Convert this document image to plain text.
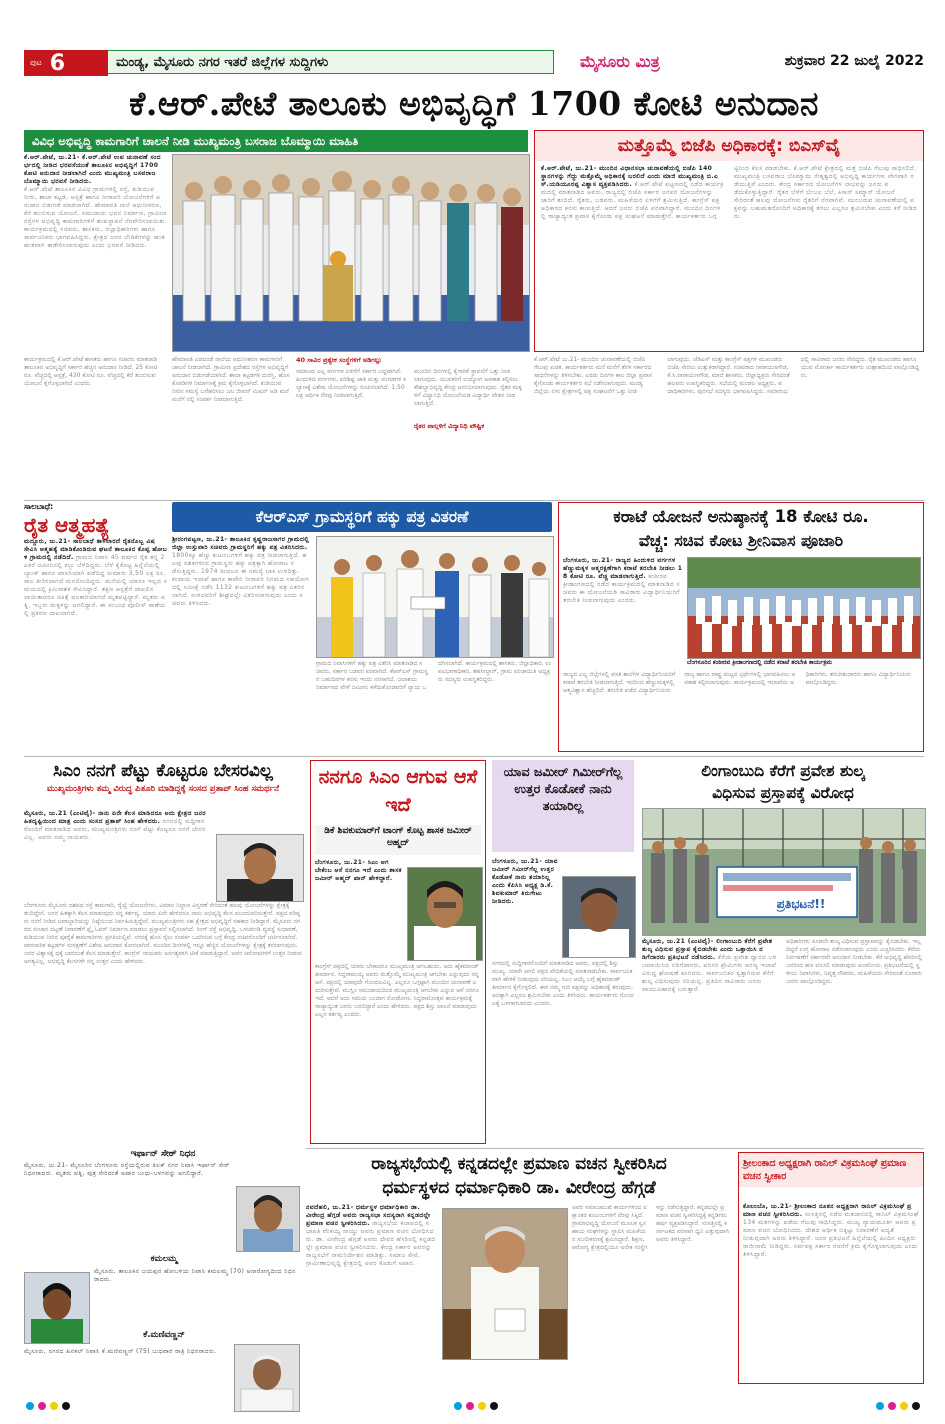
ಪುಟ 6	ಮಂಡ್ಯ, ಮೈಸೂರು ನಗರ ಇತರೆ ಜಿಲ್ಲೆಗಳ ಸುದ್ದಿಗಳು	ಮೈಸೂರು ಮಿತ್ರ	ಶುಕ್ರವಾರ 22 ಜುಲೈ 2022
ಕೆ.ಆರ್.ಪೇಟೆ ತಾಲೂಕು ಅಭಿವೃದ್ಧಿಗೆ 1700 ಕೋಟಿ ಅನುದಾನ
ವಿವಿಧ ಅಭಿವೃದ್ಧಿ ಕಾಮಗಾರಿಗೆ ಚಾಲನೆ ನೀಡಿ ಮುಖ್ಯಮಂತ್ರಿ ಬಸರಾಜ ಬೊಮ್ಮಾಯಿ ಮಾಹಿತಿ
ಕೆ.ಆರ್.ಪೇಟೆ, ಜು.21- ಕೆ.ಆರ್.ಪೇಟೆ ಉಪ ಚುನಾವಣೆ ಸಂದರ್ಭದಲ್ಲಿ ನೀಡಿದ ಭರವಸೆಯಂತೆ ತಾಲೂಕಿನ ಅಭಿವೃದ್ಧಿಗೆ 1700 ಕೋಟಿ ಅನುದಾನ ನೀಡಲಾಗಿದೆ ಎಂದು ಮುಖ್ಯಮಂತ್ರಿ ಬಸವರಾಜ ಬೊಮ್ಮಾಯಿ ಭರವಸೆ ನೀಡಿದರು.
ಕೆ.ಆರ್.ಪೇಟೆ ತಾಲೂಕಿನ ವಿವಿಧ ಗ್ರಾಮಗಳಲ್ಲಿ ರಸ್ತೆ, ಕುಡಿಯುವ ನೀರು, ಶಾಲಾ ಕಟ್ಟಡ, ಆಸ್ಪತ್ರೆ ಹಾಗೂ ನೀರಾವರಿ ಯೋಜನೆಗಳಿಗೆ ಅನುದಾನ ಬಿಡುಗಡೆ ಮಾಡಲಾಗಿದೆ. ಹೇಮಾವತಿ ನಾಲೆ ಆಧುನೀಕರಣ, ಕೆರೆ ತುಂಬಿಸುವ ಯೋಜನೆ, ಸಮುದಾಯ ಭವನ ನಿರ್ಮಾಣ, ಗ್ರಾಮೀಣ ರಸ್ತೆಗಳ ಅಭಿವೃದ್ಧಿ ಕಾಮಗಾರಿಗಳಿಗೆ ಶಂಕುಸ್ಥಾಪನೆ ನೆರವೇರಿಸಲಾಯಿತು. ಕಾರ್ಯಕ್ರಮದಲ್ಲಿ ಸಚಿವರು, ಶಾಸಕರು, ಜಿಲ್ಲಾಧಿಕಾರಿಗಳು ಹಾಗೂ ಸಾರ್ವಜನಿಕರು ಭಾಗವಹಿಸಿದ್ದರು. ಕ್ಷೇತ್ರದ ಜನರ ಬೇಡಿಕೆಗಳನ್ನು ಹಂತ ಹಂತವಾಗಿ ಈಡೇರಿಸಲಾಗುವುದು ಎಂದು ಭರವಸೆ ನೀಡಿದರು.
ಮತ್ತೊಮ್ಮೆ ಬಿಜೆಪಿ ಅಧಿಕಾರಕ್ಕೆ: ಬಿಎಸ್‌ವೈ
ಕೆ.ಆರ್.ಪೇಟೆ, ಜು.21- ಮುಂದಿನ ವಿಧಾನಸಭಾ ಚುನಾವಣೆಯಲ್ಲಿ ಬಿಜೆಪಿ 140 ಸ್ಥಾನಗಳನ್ನು ಗೆದ್ದು ಮತ್ತೊಮ್ಮೆ ಅಧಿಕಾರಕ್ಕೆ ಬರಲಿದೆ ಎಂದು ಮಾಜಿ ಮುಖ್ಯಮಂತ್ರಿ ಬಿ.ಎಸ್.ಯಡಿಯೂರಪ್ಪ ವಿಶ್ವಾಸ ವ್ಯಕ್ತಪಡಿಸಿದರು. ಕೆ.ಆರ್.ಪೇಟೆ ಪಟ್ಟಣದಲ್ಲಿ ನಡೆದ ಕಾರ್ಯಕ್ರಮದಲ್ಲಿ ಮಾತನಾಡಿದ ಅವರು, ರಾಜ್ಯದಲ್ಲಿ ಬಿಜೆಪಿ ಸರ್ಕಾರ ಜನಪರ ಯೋಜನೆಗಳನ್ನು ಜಾರಿಗೆ ತಂದಿದೆ. ರೈತರು, ಬಡವರು, ಮಹಿಳೆಯರ ಏಳಿಗೆಗೆ ಶ್ರಮಿಸುತ್ತಿದೆ. ಕಾಂಗ್ರೆಸ್ ಪಕ್ಷ ಅಧಿಕಾರದ ಕನಸು ಕಾಣುತ್ತಿದೆ. ಆದರೆ ಜನರು ಬಿಜೆಪಿ ಪರವಾಗಿದ್ದಾರೆ. ಮುಂದಿನ ದಿನಗಳಲ್ಲಿ ರಾಜ್ಯಾದ್ಯಂತ ಪ್ರವಾಸ ಕೈಗೊಂಡು ಪಕ್ಷ ಸಂಘಟನೆ ಮಾಡುತ್ತೇನೆ. ಕಾರ್ಯಕರ್ತರು ಒಗ್ಗಟ್ಟಿನಿಂದ ಕೆಲಸ ಮಾಡಬೇಕು. ಕೆ.ಆರ್.ಪೇಟೆ ಕ್ಷೇತ್ರದಲ್ಲಿ ಮತ್ತೆ ಬಿಜೆಪಿ ಗೆಲುವು ಸಾಧಿಸಲಿದೆ. ಮುಖ್ಯಮಂತ್ರಿ ಬಸವರಾಜ ಬೊಮ್ಮಾಯಿ ನೇತೃತ್ವದಲ್ಲಿ ಅಭಿವೃದ್ಧಿ ಕಾರ್ಯಗಳು ವೇಗವಾಗಿ ನಡೆಯುತ್ತಿವೆ ಎಂದರು. ಕೇಂದ್ರ ಸರ್ಕಾರದ ಯೋಜನೆಗಳ ಲಾಭವನ್ನು ಜನರು ಪಡೆದುಕೊಳ್ಳುತ್ತಿದ್ದಾರೆ. ರೈತರ ಬೆಳೆಗೆ ಬೆಂಬಲ ಬೆಲೆ, ಕಿಸಾನ್ ಸಮ್ಮಾನ್ ಯೋಜನೆ ಸೇರಿದಂತೆ ಹಲವು ಯೋಜನೆಗಳು ರೈತರಿಗೆ ನೆರವಾಗಿವೆ. ಮುಂಬರುವ ಚುನಾವಣೆಯಲ್ಲಿ ಪಕ್ಷವನ್ನು ಬಹುಮತದೊಂದಿಗೆ ಅಧಿಕಾರಕ್ಕೆ ತರಲು ಎಲ್ಲರೂ ಶ್ರಮಿಸಬೇಕು ಎಂದು ಕರೆ ನೀಡಿದರು.
ಕಾರ್ಯಕ್ರಮದಲ್ಲಿ ಕೆ.ಆರ್.ಪೇಟೆ ಶಾಸಕರು ಹಾಗೂ ಸಚಿವರು ಮಾತನಾಡಿ ತಾಲೂಕಿನ ಅಭಿವೃದ್ಧಿಗೆ ಸರ್ಕಾರ ಹೆಚ್ಚಿನ ಅನುದಾನ ನೀಡಿದೆ. 25 ಕೋಟಿ ರೂ. ವೆಚ್ಚದಲ್ಲಿ ಆಸ್ಪತ್ರೆ, 430 ಕೋಟಿ ರೂ. ವೆಚ್ಚದಲ್ಲಿ ಕೆರೆ ತುಂಬಿಸುವ ಯೋಜನೆ ಕೈಗೊಳ್ಳಲಾಗಿದೆ ಎಂದರು.
ಹೇಮಾವತಿ ಎಡದಂಡೆ ನಾಲೆಯ ಆಧುನೀಕರಣ ಕಾಮಗಾರಿಗೆ ಚಾಲನೆ ನೀಡಲಾಗಿದೆ. ಗ್ರಾಮೀಣ ಪ್ರದೇಶದ ರಸ್ತೆಗಳ ಅಭಿವೃದ್ಧಿಗೆ ಅನುದಾನ ಬಿಡುಗಡೆಯಾಗಿದೆ. ಶಾಲಾ ಕಟ್ಟಡಗಳ ದುರಸ್ತಿ, ಹೊಸ ಕೊಠಡಿಗಳ ನಿರ್ಮಾಣಕ್ಕೆ ಕ್ರಮ ಕೈಗೊಳ್ಳಲಾಗಿದೆ. ಕುಡಿಯುವ ನೀರಿನ ಸಮಸ್ಯೆ ಬಗೆಹರಿಸಲು ಜಲ ಜೀವನ್ ಮಿಷನ್ ಅಡಿ ಮನೆ ಮನೆಗೆ ನಲ್ಲಿ ಸಂಪರ್ಕ ನೀಡಲಾಗುತ್ತಿದೆ.
40 ಸಾವಿರ ಪ್ರತ್ಯೇಕ ಸಂಸ್ಥೆಗಳಿಗೆ ಅಡಿಗಲ್ಲು
ಸಮಾಜದ ಎಲ್ಲ ವರ್ಗಗಳ ಏಳಿಗೆಗೆ ಸರ್ಕಾರ ಬದ್ಧವಾಗಿದೆ. ಹಿಂದುಳಿದ ವರ್ಗಗಳು, ಪರಿಶಿಷ್ಟ ಜಾತಿ ಮತ್ತು ಪಂಗಡಗಳ ಕಲ್ಯಾಣಕ್ಕೆ ವಿಶೇಷ ಯೋಜನೆಗಳನ್ನು ರೂಪಿಸಲಾಗಿದೆ. 1,50 ಲಕ್ಷ ಆರ್ಥಿಕ ನೆರವು ನೀಡಲಾಗುತ್ತಿದೆ.
ರೈತರ ಪಾಲ್ಗಳಿಗೆ ವಿದ್ಯಾನಿಧಿ ಪೌಷ್ಟಿಕ
ಮುಂದಿನ ದಿನಗಳಲ್ಲಿ ಕೈಗಾರಿಕೆ ಸ್ಥಾಪನೆಗೆ ಒತ್ತು ನೀಡಲಾಗುವುದು. ಯುವಕರಿಗೆ ಉದ್ಯೋಗ ಅವಕಾಶ ಕಲ್ಪಿಸಲು ಕೌಶಲ್ಯಾಭಿವೃದ್ಧಿ ಕೇಂದ್ರ ಆರಂಭಿಸಲಾಗುವುದು. ರೈತರ ಮಕ್ಕಳಿಗೆ ವಿದ್ಯಾನಿಧಿ ಯೋಜನೆಯಡಿ ವಿದ್ಯಾರ್ಥಿ ವೇತನ ನೀಡಲಾಗುತ್ತಿದೆ.
ಕೆ.ಆರ್.ಪೇಟೆ ಜು.21- ಮುಂದಿನ ಚುನಾವಣೆಯಲ್ಲಿ ಬಿಜೆಪಿ ಗೆಲುವು ಖಚಿತ. ಕಾರ್ಯಕರ್ತರು ಮನೆ ಮನೆಗೆ ತೆರಳಿ ಸರ್ಕಾರದ ಸಾಧನೆಗಳನ್ನು ತಿಳಿಸಬೇಕು. ಎರಡು ದಿನಗಳ ಕಾಲ ಜಿಲ್ಲಾ ಪ್ರವಾಸ ಕೈಗೊಂಡು ಕಾರ್ಯಕರ್ತರ ಸಭೆ ನಡೆಸಲಾಗುವುದು. ಮಂಡ್ಯ ಜಿಲ್ಲೆಯ ಏಳು ಕ್ಷೇತ್ರಗಳಲ್ಲಿ ಪಕ್ಷ ಸಂಘಟನೆಗೆ ಒತ್ತು ನೀಡಲಾಗುವುದು. ಜೆಡಿಎಸ್ ಮತ್ತು ಕಾಂಗ್ರೆಸ್ ಪಕ್ಷಗಳ ಮುಖಂಡರು ಬಿಜೆಪಿ ಸೇರಲು ಉತ್ಸುಕರಾಗಿದ್ದಾರೆ. ಸಚಿವರಾದ ನಾರಾಯಣಗೌಡ, ಕೆ.ಸಿ.ನಾರಾಯಣಗೌಡ, ಮಾಜಿ ಶಾಸಕರು, ಜಿಲ್ಲಾಧ್ಯಕ್ಷರು ಸೇರಿದಂತೆ ಹಲವರು ಉಪಸ್ಥಿತರಿದ್ದರು. ಸಭೆಯಲ್ಲಿ ಮಂಡಲ ಅಧ್ಯಕ್ಷರು, ಪದಾಧಿಕಾರಿಗಳು, ಪುರಸಭೆ ಸದಸ್ಯರು ಭಾಗವಹಿಸಿದ್ದರು. ಸಮಾರಂಭದಲ್ಲಿ ಸಾವಿರಾರು ಜನರು ಸೇರಿದ್ದರು. ರೈತ ಮುಖಂಡರು ಹಾಗೂ ಯುವ ಮೋರ್ಚಾ ಕಾರ್ಯಕರ್ತರು ಉತ್ಸಾಹದಿಂದ ಪಾಲ್ಗೊಂಡಿದ್ದರು.
ಸಾಲಬಾಧೆ:
ರೈತ ಆತ್ಮಹತ್ಯೆ
ಮದ್ದೂರು, ಜು.21- ಸಾಲಬಾಧೆ ತಾಳಲಾರದೆ ರೈತನೊಬ್ಬ ವಿಷ ಸೇವಿಸಿ ಆತ್ಮಹತ್ಯೆ ಮಾಡಿಕೊಂಡಿರುವ ಘಟನೆ ತಾಲೂಕಿನ ಕೊಪ್ಪ ಹೋಬಳಿ ಗ್ರಾಮದಲ್ಲಿ ನಡೆದಿದೆ. ಗ್ರಾಮದ ನಿವಾಸಿ 45 ವರ್ಷದ ರೈತ ತನ್ನ 2 ಎಕರೆ ಜಮೀನಿನಲ್ಲಿ ಕಬ್ಬು ಬೆಳೆದಿದ್ದರು. ಬೆಳೆ ಕೈಕೊಟ್ಟ ಹಿನ್ನೆಲೆಯಲ್ಲಿ ಬ್ಯಾಂಕ್ ಹಾಗೂ ಖಾಸಗಿಯಾಗಿ ಪಡೆದಿದ್ದ ಸುಮಾರು 3,50 ಲಕ್ಷ ರೂ. ಸಾಲ ತೀರಿಸಲಾಗದೆ ಮನನೊಂದಿದ್ದರು. ಮನೆಯಲ್ಲಿ ಯಾರೂ ಇಲ್ಲದ ಸಮಯದಲ್ಲಿ ಕ್ರಿಮಿನಾಶಕ ಸೇವಿಸಿದ್ದಾರೆ. ತಕ್ಷಣ ಆಸ್ಪತ್ರೆಗೆ ದಾಖಲಿಸಲಾಯಿತಾದರೂ ಚಿಕಿತ್ಸೆ ಫಲಕಾರಿಯಾಗದೆ ಮೃತಪಟ್ಟಿದ್ದಾರೆ. ಮೃತರು ಪತ್ನಿ, ಇಬ್ಬರು ಮಕ್ಕಳನ್ನು ಅಗಲಿದ್ದಾರೆ. ಈ ಸಂಬಂಧ ಪೊಲೀಸ್ ಠಾಣೆಯಲ್ಲಿ ಪ್ರಕರಣ ದಾಖಲಾಗಿದೆ.
ಕೆಆರ್‌ಎಸ್ ಗ್ರಾಮಸ್ಥರಿಗೆ ಹಕ್ಕು ಪತ್ರ ವಿತರಣೆ
ಶ್ರೀರಂಗಪಟ್ಟಣ, ಜು.21- ತಾಲೂಕಿನ ಕೃಷ್ಣರಾಜಸಾಗರ ಗ್ರಾಮದಲ್ಲಿ ಜಿಲ್ಲಾ ಉಸ್ತುವಾರಿ ಸಚಿವರು ಗ್ರಾಮಸ್ಥರಿಗೆ ಹಕ್ಕು ಪತ್ರ ವಿತರಿಸಿದರು. 1800ಕ್ಕೂ ಹೆಚ್ಚು ಕುಟುಂಬಗಳಿಗೆ ಹಕ್ಕು ಪತ್ರ ನೀಡಲಾಗುತ್ತಿದೆ. ಹಲವು ದಶಕಗಳಿಂದ ಗ್ರಾಮಸ್ಥರು ಹಕ್ಕು ಪತ್ರಕ್ಕಾಗಿ ಹೋರಾಟ ನಡೆಸುತ್ತಿದ್ದರು. 1974 ರಿಂದಲೂ ಈ ಸಮಸ್ಯೆ ಬಾಕಿ ಉಳಿದಿತ್ತು. ಕಂದಾಯ ಇಲಾಖೆ ಹಾಗೂ ಕಾವೇರಿ ನೀರಾವರಿ ನಿಗಮದ ಸಹಯೋಗದಲ್ಲಿ ಸಮೀಕ್ಷೆ ನಡೆಸಿ 1132 ಕುಟುಂಬಗಳಿಗೆ ಹಕ್ಕು ಪತ್ರ ವಿತರಿಸಲಾಗಿದೆ. ಉಳಿದವರಿಗೆ ಶೀಘ್ರದಲ್ಲೇ ವಿತರಿಸಲಾಗುವುದು ಎಂದು ಸಚಿವರು ತಿಳಿಸಿದರು.
ಗ್ರಾಮದ ನಿವಾಸಿಗಳಿಗೆ ಹಕ್ಕು ಪತ್ರ ವಿತರಿಸಿ ಮಾತನಾಡಿದ ಸಚಿವರು, ಸರ್ಕಾರ ಬಡವರ ಪರವಾಗಿದೆ. ಕೆಆರ್‌ಎಸ್ ಗ್ರಾಮಸ್ಥರ ಬಹುದಿನಗಳ ಕನಸು ಇಂದು ನನಸಾಗಿದೆ. ಜಲಾಶಯ ನಿರ್ಮಾಣದ ವೇಳೆ ಜಮೀನು ಕಳೆದುಕೊಂಡವರಿಗೆ ನ್ಯಾಯ ಒದಗಿಸಲಾಗಿದೆ. ಕಾರ್ಯಕ್ರಮದಲ್ಲಿ ಶಾಸಕರು, ಜಿಲ್ಲಾಧಿಕಾರಿ, ಉಪವಿಭಾಗಾಧಿಕಾರಿ, ತಹಸೀಲ್ದಾರ್, ಗ್ರಾಮ ಪಂಚಾಯಿತಿ ಅಧ್ಯಕ್ಷರು ಸದಸ್ಯರು ಉಪಸ್ಥಿತರಿದ್ದರು.
ಕರಾಟೆ ಯೋಜನೆ ಅನುಷ್ಠಾನಕ್ಕೆ 18 ಕೋಟಿ ರೂ.
ವೆಚ್ಚ: ಸಚಿವ ಕೋಟ ಶ್ರೀನಿವಾಸ ಪೂಜಾರಿ
ಬೆಂಗಳೂರು, ಜು.21- ರಾಜ್ಯದ ಹಿಂದುಳಿದ ವರ್ಗಗಳ ಹೆಣ್ಣುಮಕ್ಕಳ ಆತ್ಮರಕ್ಷಣೆಗಾಗಿ ಕರಾಟೆ ತರಬೇತಿ ನೀಡಲು 18 ಕೋಟಿ ರೂ. ವೆಚ್ಚ ಮಾಡಲಾಗುತ್ತಿದೆ. ಕಂಠೀರವ ಕ್ರೀಡಾಂಗಣದಲ್ಲಿ ನಡೆದ ಕಾರ್ಯಕ್ರಮದಲ್ಲಿ ಮಾತನಾಡಿದ ಸಚಿವರು ಈ ಯೋಜನೆಯಡಿ ಸಾವಿರಾರು ವಿದ್ಯಾರ್ಥಿನಿಯರಿಗೆ ತರಬೇತಿ ನೀಡಲಾಗುವುದು ಎಂದರು.
ಬೆಂಗಳೂರಿನ ಕಂಠೀರವ ಕ್ರೀಡಾಂಗಣದಲ್ಲಿ ನಡೆದ ಕರಾಟೆ ತರಬೇತಿ ಕಾರ್ಯಕ್ರಮ
ರಾಜ್ಯದ ಎಲ್ಲ ಜಿಲ್ಲೆಗಳಲ್ಲಿ ವಸತಿ ಶಾಲೆಗಳ ವಿದ್ಯಾರ್ಥಿನಿಯರಿಗೆ ಕರಾಟೆ ತರಬೇತಿ ನೀಡಲಾಗುತ್ತಿದೆ. ಇದರಿಂದ ಹೆಣ್ಣುಮಕ್ಕಳಲ್ಲಿ ಆತ್ಮವಿಶ್ವಾಸ ಹೆಚ್ಚಲಿದೆ. ತರಬೇತಿ ಪಡೆದ ವಿದ್ಯಾರ್ಥಿನಿಯರು ರಾಜ್ಯ ಹಾಗೂ ರಾಷ್ಟ್ರ ಮಟ್ಟದ ಸ್ಪರ್ಧೆಗಳಲ್ಲಿ ಭಾಗವಹಿಸಲು ಅವಕಾಶ ಕಲ್ಪಿಸಲಾಗುವುದು. ಕಾರ್ಯಕ್ರಮದಲ್ಲಿ ಇಲಾಖೆಯ ಅಧಿಕಾರಿಗಳು, ತರಬೇತುದಾರರು ಹಾಗೂ ವಿದ್ಯಾರ್ಥಿನಿಯರು ಪಾಲ್ಗೊಂಡಿದ್ದರು.
ಸಿಎಂ ನನಗೆ ಪೆಟ್ಟು ಕೊಟ್ಟರೂ ಬೇಸರವಿಲ್ಲ
ಮುಖ್ಯಮಂತ್ರಿಗಳು ತಮ್ಮ ವಿರುದ್ಧ ಪಿತೂರಿ ಮಾಡಿದ್ದಕ್ಕೆ ಸಂಸದ ಪ್ರತಾಪ್ ಸಿಂಹ ಸಮರ್ಥನೆ
ಮೈಸೂರು, ಜು.21 (ಎಂಟಿವೈ)- ನಾನು ಏನೇ ಕೆಲಸ ಮಾಡಿದರೂ ಅದು ಕ್ಷೇತ್ರದ ಜನರ ಹಿತದೃಷ್ಟಿಯಿಂದ ಮಾತ್ರ ಎಂದು ಸಂಸದ ಪ್ರತಾಪ್ ಸಿಂಹ ಹೇಳಿದರು. ನಗರದಲ್ಲಿ ಸುದ್ದಿಗಾರರೊಂದಿಗೆ ಮಾತನಾಡಿದ ಅವರು, ಮುಖ್ಯಮಂತ್ರಿಗಳು ನನಗೆ ಪೆಟ್ಟು ಕೊಟ್ಟರೂ ನನಗೆ ಬೇಸರವಿಲ್ಲ. ಅವರು ನಮ್ಮ ನಾಯಕರು.
ಬೆಂಗಳೂರು ಮೈಸೂರು ದಶಪಥ ರಸ್ತೆ ಕಾಮಗಾರಿ, ರೈಲ್ವೆ ಯೋಜನೆಗಳು, ವಿಮಾನ ನಿಲ್ದಾಣ ವಿಸ್ತರಣೆ ಸೇರಿದಂತೆ ಹಲವು ಯೋಜನೆಗಳನ್ನು ಕ್ಷೇತ್ರಕ್ಕೆ ತಂದಿದ್ದೇನೆ. ಜನರ ಹಿತಕ್ಕಾಗಿ ಕೆಲಸ ಮಾಡುವುದು ನನ್ನ ಕರ್ತವ್ಯ. ಯಾರು ಏನೇ ಹೇಳಿದರೂ ನಾನು ಅಭಿವೃದ್ಧಿ ಕೆಲಸ ಮುಂದುವರಿಸುತ್ತೇನೆ. ಪಕ್ಷದ ವರಿಷ್ಠರು ನನಗೆ ನೀಡಿದ ಜವಾಬ್ದಾರಿಯನ್ನು ನಿಷ್ಠೆಯಿಂದ ನಿರ್ವಹಿಸುತ್ತಿದ್ದೇನೆ. ಮುಖ್ಯಮಂತ್ರಿಗಳು ಸಹ ಕ್ಷೇತ್ರದ ಅಭಿವೃದ್ಧಿಗೆ ಸಹಕಾರ ನೀಡಿದ್ದಾರೆ. ಮೈಸೂರು ನಗರದ ಸಂಚಾರ ದಟ್ಟಣೆ ನಿವಾರಣೆಗೆ ಫ್ಲೈ ಓವರ್ ನಿರ್ಮಾಣ ಮಾಡಲು ಪ್ರಸ್ತಾವನೆ ಸಲ್ಲಿಸಲಾಗಿದೆ. ರಿಂಗ್ ರಸ್ತೆ ಅಭಿವೃದ್ಧಿ, ಒಳಚರಂಡಿ ವ್ಯವಸ್ಥೆ ಸುಧಾರಣೆ, ಕುಡಿಯುವ ನೀರಿನ ಪೂರೈಕೆ ಕಾಮಗಾರಿಗಳು ಪ್ರಗತಿಯಲ್ಲಿವೆ. ನಗರಕ್ಕೆ ಹೊಸ ರೈಲು ಸಂಪರ್ಕ ಒದಗಿಸುವ ಬಗ್ಗೆ ಕೇಂದ್ರ ಸಚಿವರೊಂದಿಗೆ ಚರ್ಚಿಸಲಾಗಿದೆ. ಪಾರಂಪರಿಕ ಕಟ್ಟಡಗಳ ಸಂರಕ್ಷಣೆಗೆ ವಿಶೇಷ ಅನುದಾನ ಕೋರಲಾಗಿದೆ. ಮುಂದಿನ ದಿನಗಳಲ್ಲಿ ಇನ್ನೂ ಹೆಚ್ಚಿನ ಯೋಜನೆಗಳನ್ನು ಕ್ಷೇತ್ರಕ್ಕೆ ತರಲಾಗುವುದು. ಜನರ ವಿಶ್ವಾಸಕ್ಕೆ ಧಕ್ಕೆ ಬಾರದಂತೆ ಕೆಲಸ ಮಾಡುತ್ತೇನೆ. ಕಾಂಗ್ರೆಸ್ ನಾಯಕರು ಅನಗತ್ಯವಾಗಿ ಟೀಕೆ ಮಾಡುತ್ತಿದ್ದಾರೆ. ಅವರ ಆರೋಪಗಳಿಗೆ ಉತ್ತರ ನೀಡುವ ಅಗತ್ಯವಿಲ್ಲ. ಅಭಿವೃದ್ಧಿ ಕೆಲಸಗಳೇ ನನ್ನ ಉತ್ತರ ಎಂದು ಹೇಳಿದರು.
ನನಗೂ ಸಿಎಂ ಆಗುವ ಆಸೆ ಇದೆ
ಡಿಕೆ ಶಿವಕುಮಾರ್‌ಗೆ ಟಾಂಗ್ ಕೊಟ್ಟ ಶಾಸಕ ಜಮೀರ್ ಅಹ್ಮದ್
ಬೆಂಗಳೂರು, ಜು.21- ಸಿಎಂ ಆಗಬೇಕೆಂಬ ಆಸೆ ನನಗೂ ಇದೆ ಎಂದು ಶಾಸಕ ಜಮೀರ್ ಅಹ್ಮದ್ ಖಾನ್ ಹೇಳಿದ್ದಾರೆ.
ಕಾಂಗ್ರೆಸ್ ಪಕ್ಷದಲ್ಲಿ ಯಾರು ಬೇಕಾದರೂ ಮುಖ್ಯಮಂತ್ರಿ ಆಗಬಹುದು. ಅದು ಹೈಕಮಾಂಡ್ ತೀರ್ಮಾನ. ಸಿದ್ದರಾಮಯ್ಯ ಅವರು ಮತ್ತೊಮ್ಮೆ ಮುಖ್ಯಮಂತ್ರಿ ಆಗಬೇಕು ಎನ್ನುವುದು ನನ್ನ ಆಸೆ. ಪಕ್ಷದಲ್ಲಿ ಯಾವುದೇ ಗೊಂದಲವಿಲ್ಲ. ಎಲ್ಲರೂ ಒಗ್ಗಟ್ಟಾಗಿ ಮುಂದಿನ ಚುನಾವಣೆ ಎದುರಿಸುತ್ತೇವೆ. ಮುಸ್ಲಿಂ ಸಮುದಾಯದಿಂದ ಮುಖ್ಯಮಂತ್ರಿ ಆಗಬೇಕು ಎನ್ನುವ ಆಸೆ ನನಗೂ ಇದೆ. ಆದರೆ ಅದು ಸಮಯ ಬಂದಾಗ ನೋಡೋಣ. ಸಿದ್ದರಾಮೋತ್ಸವ ಕಾರ್ಯಕ್ರಮಕ್ಕೆ ರಾಜ್ಯಾದ್ಯಂತ ಜನರು ಬರಲಿದ್ದಾರೆ ಎಂದು ಹೇಳಿದರು. ಪಕ್ಷದ ಶಿಸ್ತು ಪಾಲನೆ ಮಾಡುವುದು ಎಲ್ಲರ ಕರ್ತವ್ಯ ಎಂದರು.
ಯಾವ ಜಮೀರ್ ಗಿಮೀರ್‌ಗೆಲ್ಲ ಉತ್ತರ ಕೊಡೋಕೆ ನಾನು ತಯಾರಿಲ್ಲ
ಬೆಂಗಳೂರು, ಜು.21- ಯಾವ ಜಮೀರ್ ಗಿಮೀರ್‌ಗೆಲ್ಲ ಉತ್ತರ ಕೊಡೋಕೆ ನಾನು ತಯಾರಿಲ್ಲ ಎಂದು ಕೆಪಿಸಿಸಿ ಅಧ್ಯಕ್ಷ ಡಿ.ಕೆ.ಶಿವಕುಮಾರ್ ತಿರುಗೇಟು ನೀಡಿದರು.
ನಗರದಲ್ಲಿ ಸುದ್ದಿಗಾರರೊಂದಿಗೆ ಮಾತನಾಡಿದ ಅವರು, ಪಕ್ಷದಲ್ಲಿ ಶಿಸ್ತು ಮುಖ್ಯ. ಯಾರೇ ಆಗಲಿ ಪಕ್ಷದ ವೇದಿಕೆಯಲ್ಲಿ ಮಾತನಾಡಬೇಕು. ಸಾರ್ವಜನಿಕವಾಗಿ ಹೇಳಿಕೆ ನೀಡುವುದು ಸರಿಯಲ್ಲ. ಸಿಎಂ ಆಯ್ಕೆ ಬಗ್ಗೆ ಹೈಕಮಾಂಡ್ ತೀರ್ಮಾನ ಕೈಗೊಳ್ಳಲಿದೆ. ಈಗ ನಮ್ಮ ಗುರಿ ಪಕ್ಷವನ್ನು ಅಧಿಕಾರಕ್ಕೆ ತರುವುದು. ಅದಕ್ಕಾಗಿ ಎಲ್ಲರೂ ಶ್ರಮಿಸಬೇಕು ಎಂದು ತಿಳಿಸಿದರು. ಕಾರ್ಯಕರ್ತರು ಗೊಂದಲಕ್ಕೆ ಒಳಗಾಗಬಾರದು ಎಂದರು.
ಲಿಂಗಾಂಬುದಿ ಕೆರೆಗೆ ಪ್ರವೇಶ ಶುಲ್ಕ
ವಿಧಿಸುವ ಪ್ರಸ್ತಾಪಕ್ಕೆ ವಿರೋಧ
ಪ್ರತಿಭಟನೆ!!
ಮೈಸೂರು, ಜು.21 (ಎಂಟಿವೈ)- ಲಿಂಗಾಂಬುದಿ ಕೆರೆಗೆ ಪ್ರವೇಶ ಶುಲ್ಕ ವಿಧಿಸುವ ಪ್ರಸ್ತಾಪ ಕೈಬಿಡಬೇಕು ಎಂದು ಒತ್ತಾಯಿಸಿ ನಡಿಗೆದಾರರು ಪ್ರತಿಭಟನೆ ನಡೆಸಿದರು. ಕೆರೆಯ ಪ್ರವೇಶ ದ್ವಾರದ ಬಳಿ ಜಮಾಯಿಸಿದ ನಡಿಗೆದಾರರು, ಪರಿಸರ ಪ್ರೇಮಿಗಳು ಅರಣ್ಯ ಇಲಾಖೆ ವಿರುದ್ಧ ಘೋಷಣೆ ಕೂಗಿದರು. ಸಾರ್ವಜನಿಕರ ಸ್ವತ್ತಾಗಿರುವ ಕೆರೆಗೆ ಶುಲ್ಕ ವಿಧಿಸುವುದು ಸರಿಯಲ್ಲ. ಪ್ರತಿದಿನ ಸಾವಿರಾರು ಜನರು ವಾಯುವಿಹಾರಕ್ಕೆ ಬರುತ್ತಾರೆ.
ಅಧಿಕಾರಿಗಳು ಕೂಡಲೇ ಶುಲ್ಕ ವಿಧಿಸುವ ಪ್ರಸ್ತಾಪವನ್ನು ಕೈಬಿಡಬೇಕು. ಇಲ್ಲದಿದ್ದರೆ ಉಗ್ರ ಹೋರಾಟ ನಡೆಸಲಾಗುವುದು ಎಂದು ಎಚ್ಚರಿಸಿದರು. ಕೆರೆಯ ನಿರ್ವಹಣೆಗೆ ಸರ್ಕಾರವೇ ಅನುದಾನ ನೀಡಬೇಕು. ಕೆರೆ ಅಭಿವೃದ್ಧಿ ಹೆಸರಿನಲ್ಲಿ ಜನರಿಂದ ಹಣ ವಸೂಲಿ ಮಾಡುವುದು ಖಂಡನೀಯ. ಪ್ರತಿಭಟನೆಯಲ್ಲಿ ಸ್ಥಳೀಯ ನಿವಾಸಿಗಳು, ನಿವೃತ್ತ ನೌಕರರು, ಮಹಿಳೆಯರು ಸೇರಿದಂತೆ ನೂರಾರು ಜನರು ಪಾಲ್ಗೊಂಡಿದ್ದರು.
ಇರ್ಫಾನ್ ಸೇಠ್ ನಿಧನ
ಮೈಸೂರು, ಜು.21- ಮೈಸೂರಿನ ಬೆಂಗಳೂರು ರಸ್ತೆಯಲ್ಲಿರುವ ತಿಲಕ್ ನಗರ ನಿವಾಸಿ ಇರ್ಫಾನ್ ಸೇಠ್ ನಿಧನರಾದರು. ಮೃತರು ಪತ್ನಿ, ಪುತ್ರ ಸೇರಿದಂತೆ ಅಪಾರ ಬಂಧು-ಬಳಗವನ್ನು ಅಗಲಿದ್ದಾರೆ.
ಕಮಲಮ್ಮ
ಮೈಸೂರು, ತಾಲೂಕಿನ ಜಯಪುರ ಹೋಬಳಿಯ ನಿವಾಸಿ ಕಮಲಮ್ಮ (70) ಅನಾರೋಗ್ಯದಿಂದ ನಿಧನರಾದರು.
ಕೆ.ಮಣಿವಣ್ಣನ್
ಮೈಸೂರು, ನಗರದ ಹಿನಕಲ್ ನಿವಾಸಿ ಕೆ.ಮಣಿವಣ್ಣನ್ (75) ಬುಧವಾರ ರಾತ್ರಿ ನಿಧನರಾದರು.
ರಾಜ್ಯಸಭೆಯಲ್ಲಿ ಕನ್ನಡದಲ್ಲೇ ಪ್ರಮಾಣ ವಚನ ಸ್ವೀಕರಿಸಿದ
ಧರ್ಮಸ್ಥಳದ ಧರ್ಮಾಧಿಕಾರಿ ಡಾ. ವೀರೇಂದ್ರ ಹೆಗ್ಗಡೆ
ನವದೆಹಲಿ, ಜು.21- ಧರ್ಮಸ್ಥಳ ಧರ್ಮಾಧಿಕಾರಿ ಡಾ. ವೀರೇಂದ್ರ ಹೆಗ್ಗಡೆ ಅವರು ರಾಜ್ಯಸಭಾ ಸದಸ್ಯರಾಗಿ ಕನ್ನಡದಲ್ಲೇ ಪ್ರಮಾಣ ವಚನ ಸ್ವೀಕರಿಸಿದರು. ರಾಜ್ಯಸಭೆಯ ಕಲಾಪದಲ್ಲಿ ಸಭಾಪತಿ ವೆಂಕಯ್ಯ ನಾಯ್ಡು ಅವರು ಪ್ರಮಾಣ ವಚನ ಬೋಧಿಸಿದರು. ಡಾ. ವೀರೇಂದ್ರ ಹೆಗ್ಗಡೆ ಅವರು ದೇವರ ಹೆಸರಿನಲ್ಲಿ ಕನ್ನಡದಲ್ಲೇ ಪ್ರಮಾಣ ವಚನ ಸ್ವೀಕರಿಸಿದರು. ಕೇಂದ್ರ ಸರ್ಕಾರ ಅವರನ್ನು ರಾಜ್ಯಸಭೆಗೆ ನಾಮನಿರ್ದೇಶನ ಮಾಡಿತ್ತು. ಸಮಾಜ ಸೇವೆ, ಗ್ರಾಮೀಣಾಭಿವೃದ್ಧಿ ಕ್ಷೇತ್ರದಲ್ಲಿ ಅವರ ಕೊಡುಗೆ ಅಪಾರ.
ಅವರ ಸಮಾಜಮುಖಿ ಕಾರ್ಯಗಳಿಂದ ಲಕ್ಷಾಂತರ ಕುಟುಂಬಗಳಿಗೆ ನೆರವು ಸಿಕ್ಕಿದೆ. ಗ್ರಾಮಾಭಿವೃದ್ಧಿ ಯೋಜನೆ ಮೂಲಕ ಸ್ವಸಹಾಯ ಸಂಘಗಳನ್ನು ಸ್ಥಾಪಿಸಿ ಮಹಿಳೆಯರ ಸಬಲೀಕರಣಕ್ಕೆ ಶ್ರಮಿಸಿದ್ದಾರೆ. ಶಿಕ್ಷಣ, ಆರೋಗ್ಯ ಕ್ಷೇತ್ರದಲ್ಲಿಯೂ ಅನೇಕ ಸಂಸ್ಥೆಗಳನ್ನು ನಡೆಸುತ್ತಿದ್ದಾರೆ. ಕನ್ನಡದಲ್ಲೇ ಪ್ರಮಾಣ ವಚನ ಸ್ವೀಕರಿಸಿದ್ದಕ್ಕೆ ಕನ್ನಡಿಗರು ಹರ್ಷ ವ್ಯಕ್ತಪಡಿಸಿದ್ದಾರೆ. ಸಂಸತ್ತಿನಲ್ಲಿ ಕರ್ನಾಟಕದ ಪರವಾಗಿ ಧ್ವನಿ ಎತ್ತುವುದಾಗಿ ಅವರು ತಿಳಿಸಿದ್ದಾರೆ.
ಶ್ರೀಲಂಕಾದ ಅಧ್ಯಕ್ಷರಾಗಿ ರಾನಿಲ್ ವಿಕ್ರಮಸಿಂಘೆ ಪ್ರಮಾಣ ವಚನ ಸ್ವೀಕಾರ
ಕೊಲಂಬೊ, ಜು.21- ಶ್ರೀಲಂಕಾದ ನೂತನ ಅಧ್ಯಕ್ಷರಾಗಿ ರಾನಿಲ್ ವಿಕ್ರಮಸಿಂಘೆ ಪ್ರಮಾಣ ವಚನ ಸ್ವೀಕರಿಸಿದರು. ಸಂಸತ್ತಿನಲ್ಲಿ ನಡೆದ ಮತದಾನದಲ್ಲಿ ರಾನಿಲ್ ವಿಕ್ರಮಸಿಂಘೆ 134 ಮತಗಳನ್ನು ಪಡೆದು ಗೆಲುವು ಸಾಧಿಸಿದ್ದರು. ಮುಖ್ಯ ನ್ಯಾಯಮೂರ್ತಿ ಅವರು ಪ್ರಮಾಣ ವಚನ ಬೋಧಿಸಿದರು. ದೇಶದ ಆರ್ಥಿಕ ಬಿಕ್ಕಟ್ಟು ನಿವಾರಣೆಗೆ ಆದ್ಯತೆ ನೀಡುವುದಾಗಿ ಅವರು ತಿಳಿಸಿದ್ದಾರೆ. ಜನರ ಪ್ರತಿಭಟನೆ ಹಿನ್ನೆಲೆಯಲ್ಲಿ ಹಿಂದಿನ ಅಧ್ಯಕ್ಷರು ರಾಜೀನಾಮೆ ನೀಡಿದ್ದರು. ಸರ್ವಪಕ್ಷ ಸರ್ಕಾರ ರಚನೆಗೆ ಕ್ರಮ ಕೈಗೊಳ್ಳಲಾಗುವುದು ಎಂದು ತಿಳಿಸಿದ್ದಾರೆ.
